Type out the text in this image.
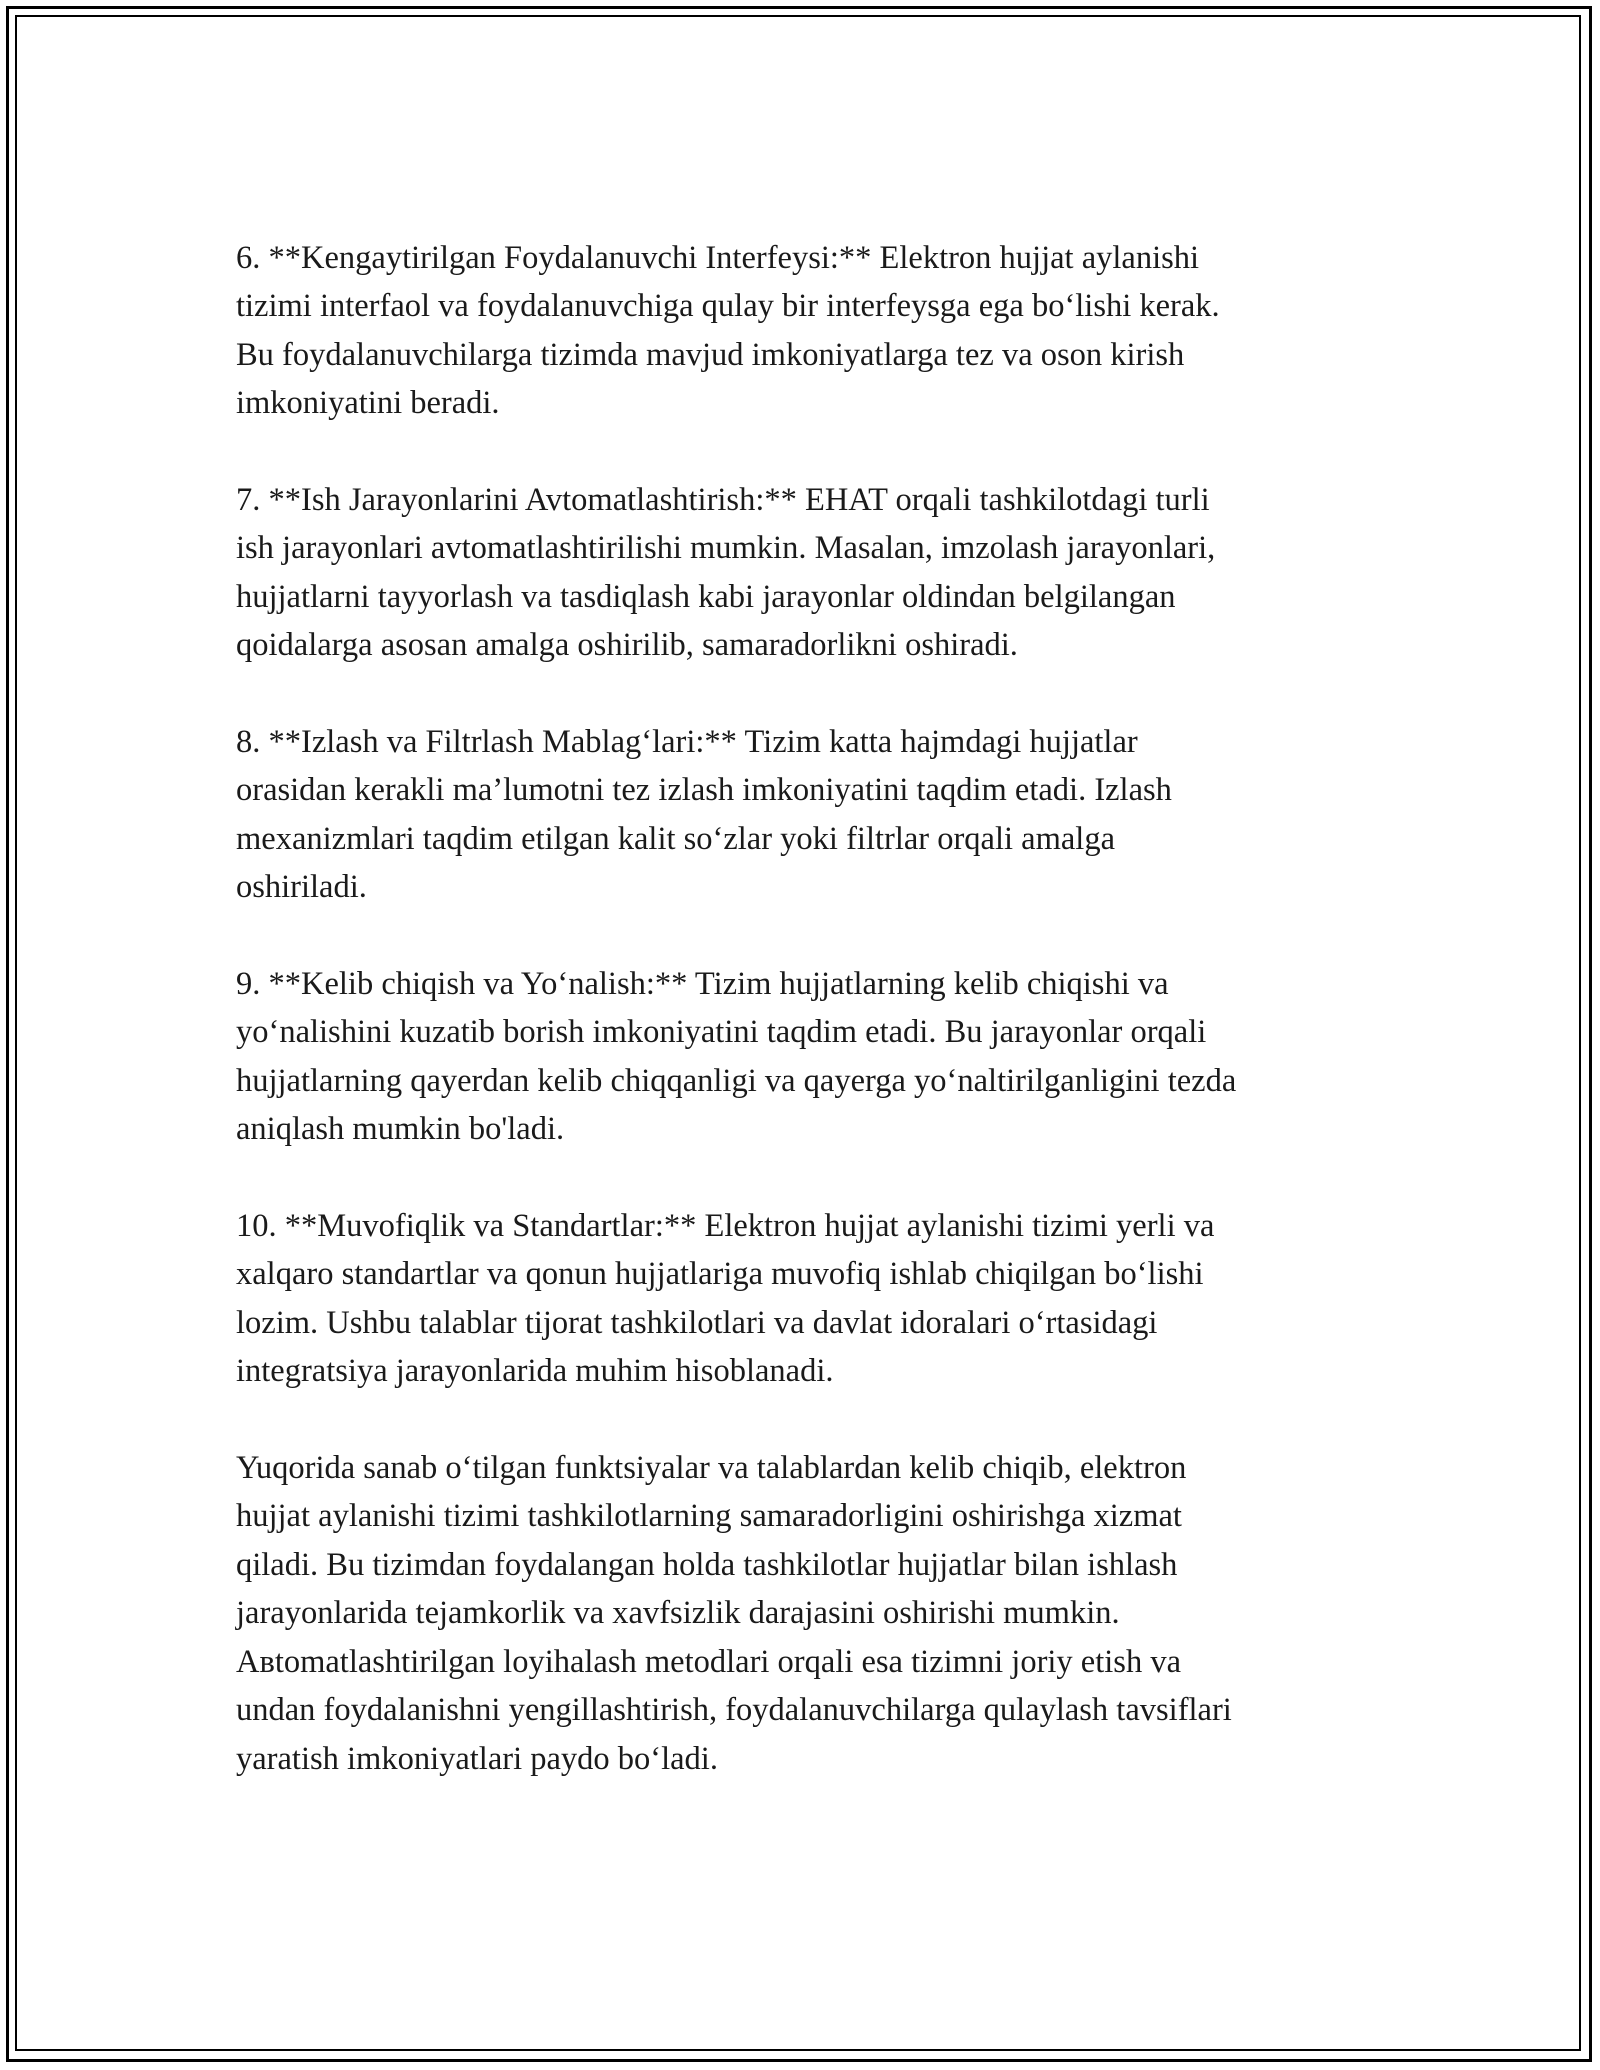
6. **Kengaytirilgan Foydalanuvchi Interfeysi:** Elektron hujjat aylanishi
tizimi interfaol va foydalanuvchiga qulay bir interfeysga ega bo‘lishi kerak.
Bu foydalanuvchilarga tizimda mavjud imkoniyatlarga tez va oson kirish
imkoniyatini beradi.

7. **Ish Jarayonlarini Avtomatlashtirish:** EHAT orqali tashkilotdagi turli
ish jarayonlari avtomatlashtirilishi mumkin. Masalan, imzolash jarayonlari,
hujjatlarni tayyorlash va tasdiqlash kabi jarayonlar oldindan belgilangan
qoidalarga asosan amalga oshirilib, samaradorlikni oshiradi.

8. **Izlash va Filtrlash Mablag‘lari:** Tizim katta hajmdagi hujjatlar
orasidan kerakli ma’lumotni tez izlash imkoniyatini taqdim etadi. Izlash
mexanizmlari taqdim etilgan kalit so‘zlar yoki filtrlar orqali amalga
oshiriladi.

9. **Kelib chiqish va Yo‘nalish:** Tizim hujjatlarning kelib chiqishi va
yo‘nalishini kuzatib borish imkoniyatini taqdim etadi. Bu jarayonlar orqali
hujjatlarning qayerdan kelib chiqqanligi va qayerga yo‘naltirilganligini tezda
aniqlash mumkin bo'ladi.

10. **Muvofiqlik va Standartlar:** Elektron hujjat aylanishi tizimi yerli va
xalqaro standartlar va qonun hujjatlariga muvofiq ishlab chiqilgan bo‘lishi
lozim. Ushbu talablar tijorat tashkilotlari va davlat idoralari o‘rtasidagi
integratsiya jarayonlarida muhim hisoblanadi.

Yuqorida sanab o‘tilgan funktsiyalar va talablardan kelib chiqib, elektron
hujjat aylanishi tizimi tashkilotlarning samaradorligini oshirishga xizmat
qiladi. Bu tizimdan foydalangan holda tashkilotlar hujjatlar bilan ishlash
jarayonlarida tejamkorlik va xavfsizlik darajasini oshirishi mumkin.
Aвtomatlashtirilgan loyihalash metodlari orqali esa tizimni joriy etish va
undan foydalanishni yengillashtirish, foydalanuvchilarga qulaylash tavsiflari
yaratish imkoniyatlari paydo bo‘ladi.
